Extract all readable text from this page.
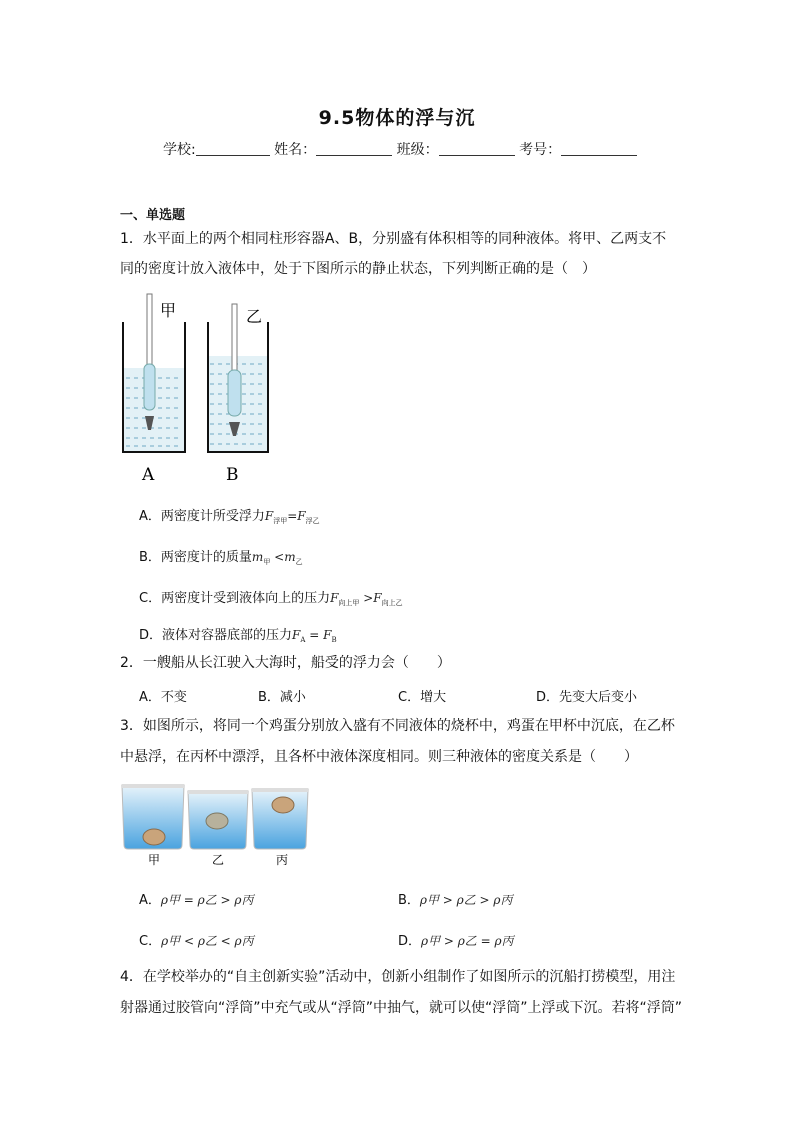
9.5物体的浮与沉
学校:	姓名：	班级：	考号：
一、单选题
1．水平面上的两个相同柱形容器A、B，分别盛有体积相等的同种液体。将甲、乙两支不
同的密度计放入液体中，处于下图所示的静止状态，下列判断正确的是（　）
甲
A
乙
B
A．两密度计所受浮力$F_{浮甲}=F_{浮乙}$
B．两密度计的质量$m_甲 <m_乙$
C．两密度计受到液体向上的压力$F_{向上甲} >F_{向上乙}$
D．液体对容器底部的压力$F_A = F_B$
2．一艘船从长江驶入大海时，船受的浮力会（　　）
A．不变	B．减小	C．增大	D．先变大后变小
3．如图所示，将同一个鸡蛋分别放入盛有不同液体的烧杯中，鸡蛋在甲杯中沉底，在乙杯
中悬浮，在丙杯中漂浮，且各杯中液体深度相同。则三种液体的密度关系是（　　）
甲	乙	丙
A．ρ甲 = ρ乙 > ρ丙	B．ρ甲 > ρ乙 > ρ丙
C．ρ甲 < ρ乙 < ρ丙	D．ρ甲 > ρ乙 = ρ丙
4．在学校举办的“自主创新实验”活动中，创新小组制作了如图所示的沉船打捞模型，用注
射器通过胶管向“浮筒”中充气或从“浮筒”中抽气，就可以使“浮筒”上浮或下沉。若将“浮筒”
